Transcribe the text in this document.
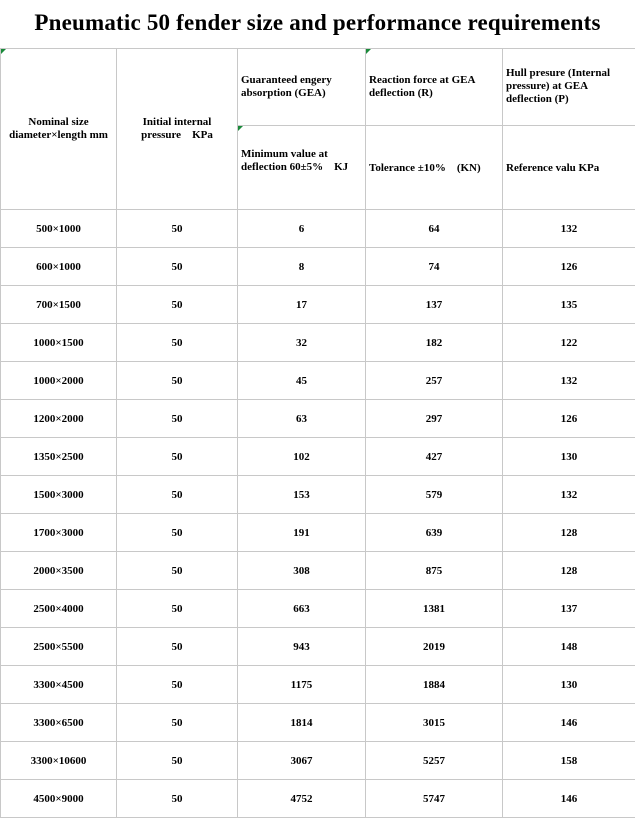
Pneumatic 50 fender size and performance requirements
Nominal size diameter×length mm	Initial internal pressure　KPa	Guaranteed engery absorption (GEA)	Reaction force at GEA deflection (R)	Hull presure (Internal pressure) at GEA deflection (P)

		Minimum value at deflection 60±5%　KJ	Tolerance ±10%　(KN)	Reference valu KPa

500×1000	50	6	64	132
600×1000	50	8	74	126
700×1500	50	17	137	135
1000×1500	50	32	182	122
1000×2000	50	45	257	132
1200×2000	50	63	297	126
1350×2500	50	102	427	130
1500×3000	50	153	579	132
1700×3000	50	191	639	128
2000×3500	50	308	875	128
2500×4000	50	663	1381	137
2500×5500	50	943	2019	148
3300×4500	50	1175	1884	130
3300×6500	50	1814	3015	146
3300×10600	50	3067	5257	158
4500×9000	50	4752	5747	146
